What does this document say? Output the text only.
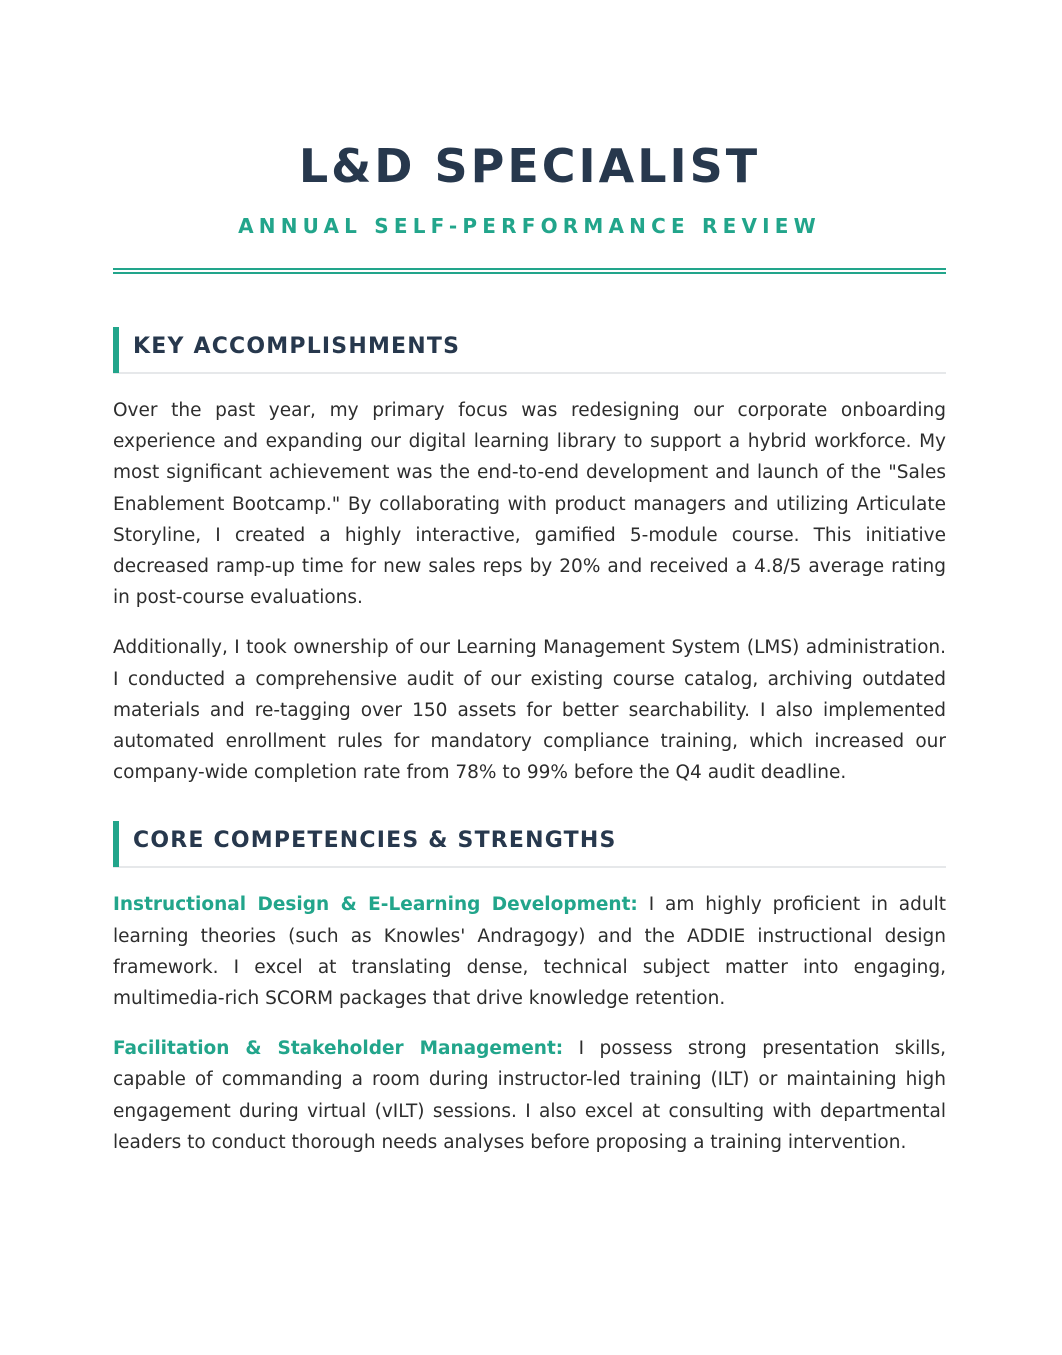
L&D SPECIALIST
ANNUAL SELF-PERFORMANCE REVIEW
KEY ACCOMPLISHMENTS

Over the past year, my primary focus was redesigning our corporate onboarding experience and expanding our digital learning library to support a hybrid workforce. My most significant achievement was the end-to-end development and launch of the "Sales Enablement Bootcamp." By collaborating with product managers and utilizing Articulate Storyline, I created a highly interactive, gamified 5-module course. This initiative decreased ramp-up time for new sales reps by 20% and received a 4.8/5 average rating in post-course evaluations.

Additionally, I took ownership of our Learning Management System (LMS) administration. I conducted a comprehensive audit of our existing course catalog, archiving outdated materials and re-tagging over 150 assets for better searchability. I also implemented automated enrollment rules for mandatory compliance training, which increased our company-wide completion rate from 78% to 99% before the Q4 audit deadline.

CORE COMPETENCIES & STRENGTHS

Instructional Design & E-Learning Development: I am highly proficient in adult learning theories (such as Knowles' Andragogy) and the ADDIE instructional design framework. I excel at translating dense, technical subject matter into engaging, multimedia-rich SCORM packages that drive knowledge retention.

Facilitation & Stakeholder Management: I possess strong presentation skills, capable of commanding a room during instructor-led training (ILT) or maintaining high engagement during virtual (vILT) sessions. I also excel at consulting with departmental leaders to conduct thorough needs analyses before proposing a training intervention.
